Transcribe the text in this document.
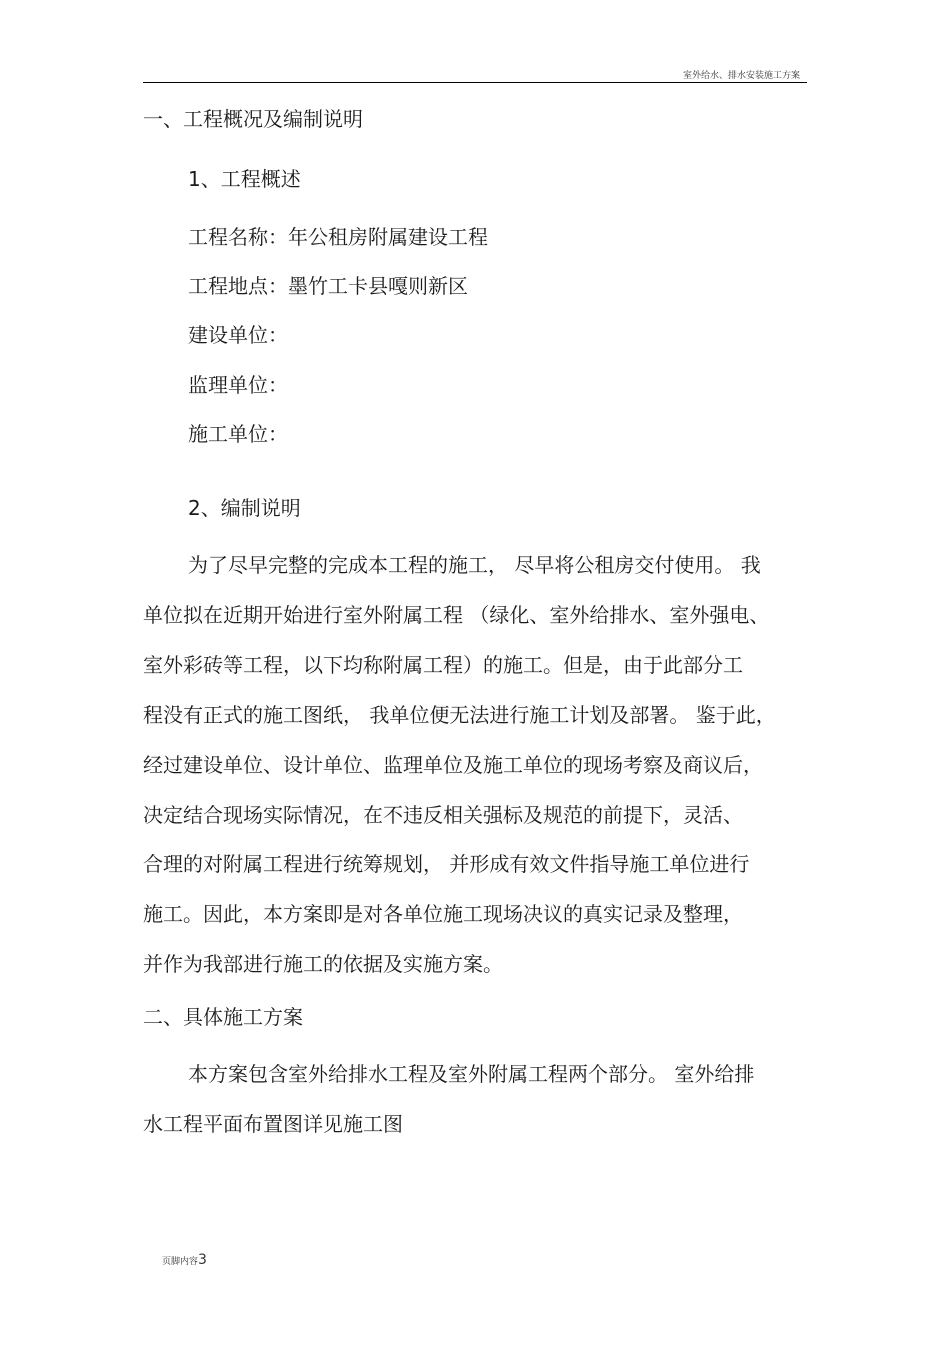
室外给水、排水安装施工方案
一、工程概况及编制说明
1、工程概述
工程名称：年公租房附属建设工程
工程地点：墨竹工卡县嘎则新区
建设单位：
监理单位：
施工单位：
2、编制说明
为了尽早完整的完成本工程的施工， 尽早将公租房交付使用。 我
单位拟在近期开始进行室外附属工程 （绿化、室外给排水、室外强电、
室外彩砖等工程，以下均称附属工程）的施工。但是，由于此部分工
程没有正式的施工图纸， 我单位便无法进行施工计划及部署。 鉴于此，
经过建设单位、设计单位、监理单位及施工单位的现场考察及商议后，
决定结合现场实际情况，在不违反相关强标及规范的前提下，灵活、
合理的对附属工程进行统筹规划， 并形成有效文件指导施工单位进行
施工。因此，本方案即是对各单位施工现场决议的真实记录及整理，
并作为我部进行施工的依据及实施方案。
二、具体施工方案
本方案包含室外给排水工程及室外附属工程两个部分。 室外给排
水工程平面布置图详见施工图
页脚内容3
